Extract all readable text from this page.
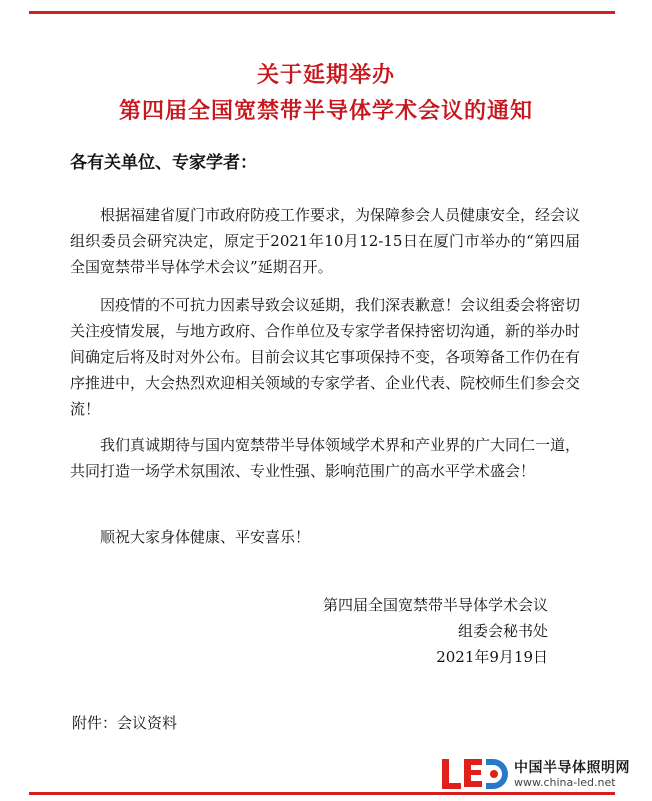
关于延期举办
第四届全国宽禁带半导体学术会议的通知
各有关单位、专家学者：
根据福建省厦门市政府防疫工作要求，为保障参会人员健康安全，经会议组织委员会研究决定，原定于2021年10月12-15日在厦门市举办的“第四届全国宽禁带半导体学术会议”延期召开。
因疫情的不可抗力因素导致会议延期，我们深表歉意！会议组委会将密切关注疫情发展，与地方政府、合作单位及专家学者保持密切沟通，新的举办时间确定后将及时对外公布。目前会议其它事项保持不变，各项筹备工作仍在有序推进中，大会热烈欢迎相关领域的专家学者、企业代表、院校师生们参会交流！
我们真诚期待与国内宽禁带半导体领域学术界和产业界的广大同仁一道，共同打造一场学术氛围浓、专业性强、影响范围广的高水平学术盛会！
顺祝大家身体健康、平安喜乐！
第四届全国宽禁带半导体学术会议
组委会秘书处
2021年9月19日
附件：会议资料
中国半导体照明网
www.china-led.net
